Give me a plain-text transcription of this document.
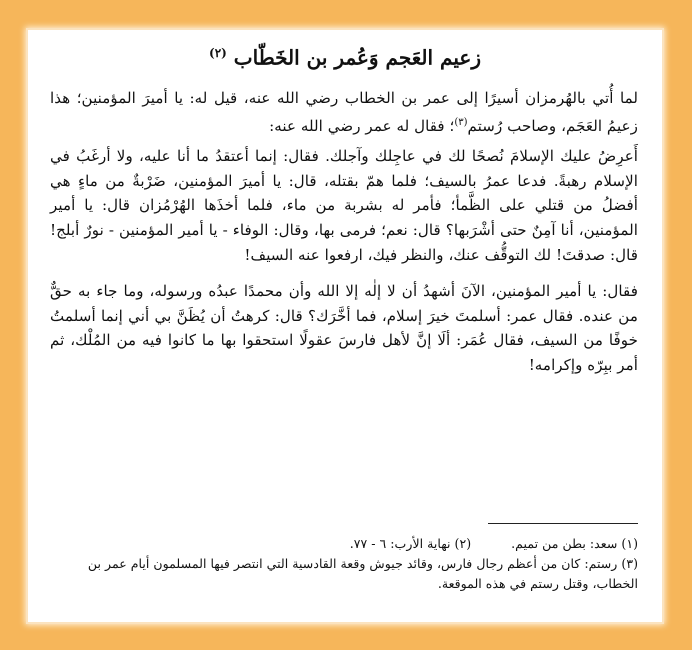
زعيم العَجم وَعُمر بن الخَطّاب $^{(٢)}$

لما أُتي بالهُرمزان أسيرًا إلى عمر بن الخطاب رضي الله عنه، قيل له: يا أميرَ المؤمنين؛ هذا زعيمُ العَجَم، وصاحب رُستم$^{(٣)}$؛ فقال له عمر رضي الله عنه:

أَعرِضُ عليك الإسلامَ نُصحًا لك في عاجِلك وآجلك. فقال: إنما أعتقدُ ما أنا عليه، ولا أرغَبُ في الإسلام رهبةً. فدعا عمرُ بالسيف؛ فلما همّ بقتله، قال: يا أميرَ المؤمنين، ضَرْبةٌ من ماءٍ هي أفضلُ من قتلي على الظَّمأ؛ فأمر له بشربة من ماء، فلما أخذَها الهُرْمُزان قال: يا أمير المؤمنين، أنا آمِنٌ حتى أشْرَبها؟ قال: نعم؛ فرمى بها، وقال: الوفاء - يا أمير المؤمنين - نورٌ أبلج! قال: صدقتَ! لك التوقُّف عنك، والنظر فيك، ارفعوا عنه السيف!

فقال: يا أمير المؤمنين، الآنَ أشهدُ أن لا إلٰه إلا الله وأن محمدًا عبدُه ورسوله، وما جاء به حقٌّ من عنده. فقال عمر: أسلمتَ خيرَ إسلام، فما أخَّرَك؟ قال: كرهتُ أن يُظَنَّ بي أني إنما أسلمتُ خوفًا من السيف، فقال عُمَر: ألَا إنَّ لأهل فارسَ عقولًا استحقوا بها ما كانوا فيه من المُلْك، ثم أمر ببِرّه وإكرامه!

(١) سعد: بطن من تميم.
(٢) نهاية الأرب: ٦ - ٧٧.
(٣) رستم: كان من أعظم رجال فارس، وقائد جيوش وقعة القادسية التي انتصر فيها المسلمون أيام عمر بن الخطاب، وقتل رستم في هذه الموقعة.
